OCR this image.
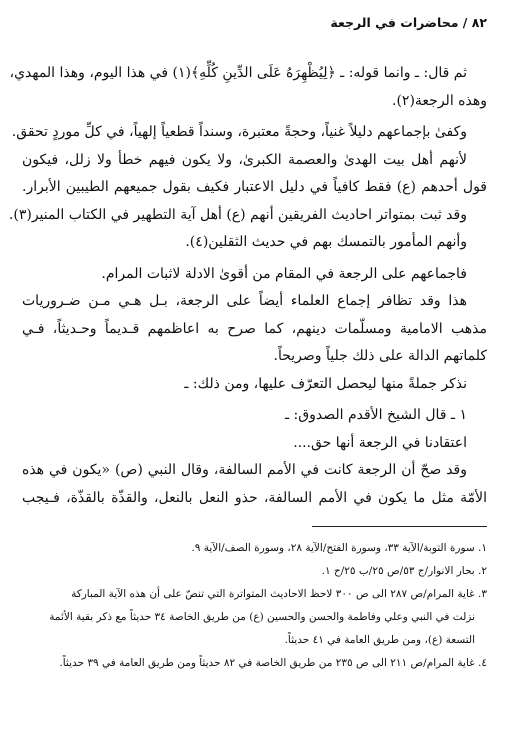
٨٢ / محاضرات في الرجعة

ثم قال: ـ وانما قوله: ـ ﴿لِيُظْهِرَهُ عَلَى الدِّينِ كُلِّهِ﴾(١) في هذا اليوم، وهذا المهدي،

وهذه الرجعة(٢).

وكفىٰ بإجماعهم دليلاً غنياً، وحجةً معتبرة، وسنداً قطعياً إلهياً، في كلِّ موردٍ تحقق.

لأنهم أهل بيت الهدىٰ والعصمة الكبرىٰ، ولا يكون فيهم خطأ ولا زلل، فيكون

قول أحدهم (ع) فقط كافياً في دليل الاعتبار فكيف بقول جميعهم الطيبين الأبرار.

وقد ثبت بمتواتر احاديث الفريقين أنهم (ع) أهل آية التطهير في الكتاب المنير(٣).

وأنهم المأمور بالتمسك بهم في حديث الثقلين(٤).

فاجماعهم على الرجعة في المقام من أقوىٰ الادلة لاثبات المرام.

هذا وقد تظافر إجماع العلماء أيضاً على الرجعة، بـل هـي مـن ضـروريات

مذهب الامامية ومسلّمات دينهم، كما صرح به اعاظمهم قـديماً وحـديثاً، فـي

كلماتهم الدالة على ذلك جلياً وصريحاً.

نذكر جملةً منها ليحصل التعرّف عليها، ومن ذلك: ـ

١ ـ قال الشيخ الأقدم الصدوق: ـ

اعتقادنا في الرجعة أنها حق....

وقد صحّ أن الرجعة كانت في الأمم السالفة، وقال النبي (ص) «يكون في هذه

الأمّة مثل ما يكون في الأمم السالفة، حذو النعل بالنعل، والقذّة بالقذّة، فـيجب

١. سورة التوبة/الآية ٣٣، وسورة الفتح/الآية ٢٨، وسورة الصف/الآية ٩.

٢. بحار الانوار/ج ٥٣/ص ٢٥/ب ٢٥/ح ١.

٣. غاية المرام/ص ٢٨٧ الى ص ٣٠٠ لاحظ الاحاديث المتواترة التي تنصّ على أن هذه الآية المباركة

نزلت في النبي وعلي وفاطمة والحسن والحسين (ع) من طريق الخاصة ٣٤ حديثاً مع ذكر بقية الأئمة

التسعة (ع)، ومن طريق العامة في ٤١ حديثاً.

٤. غاية المرام/ص ٢١١ الى ص ٢٣٥ من طريق الخاصة في ٨٢ حديثاً ومن طريق العامة في ٣٩ حديثاً.
